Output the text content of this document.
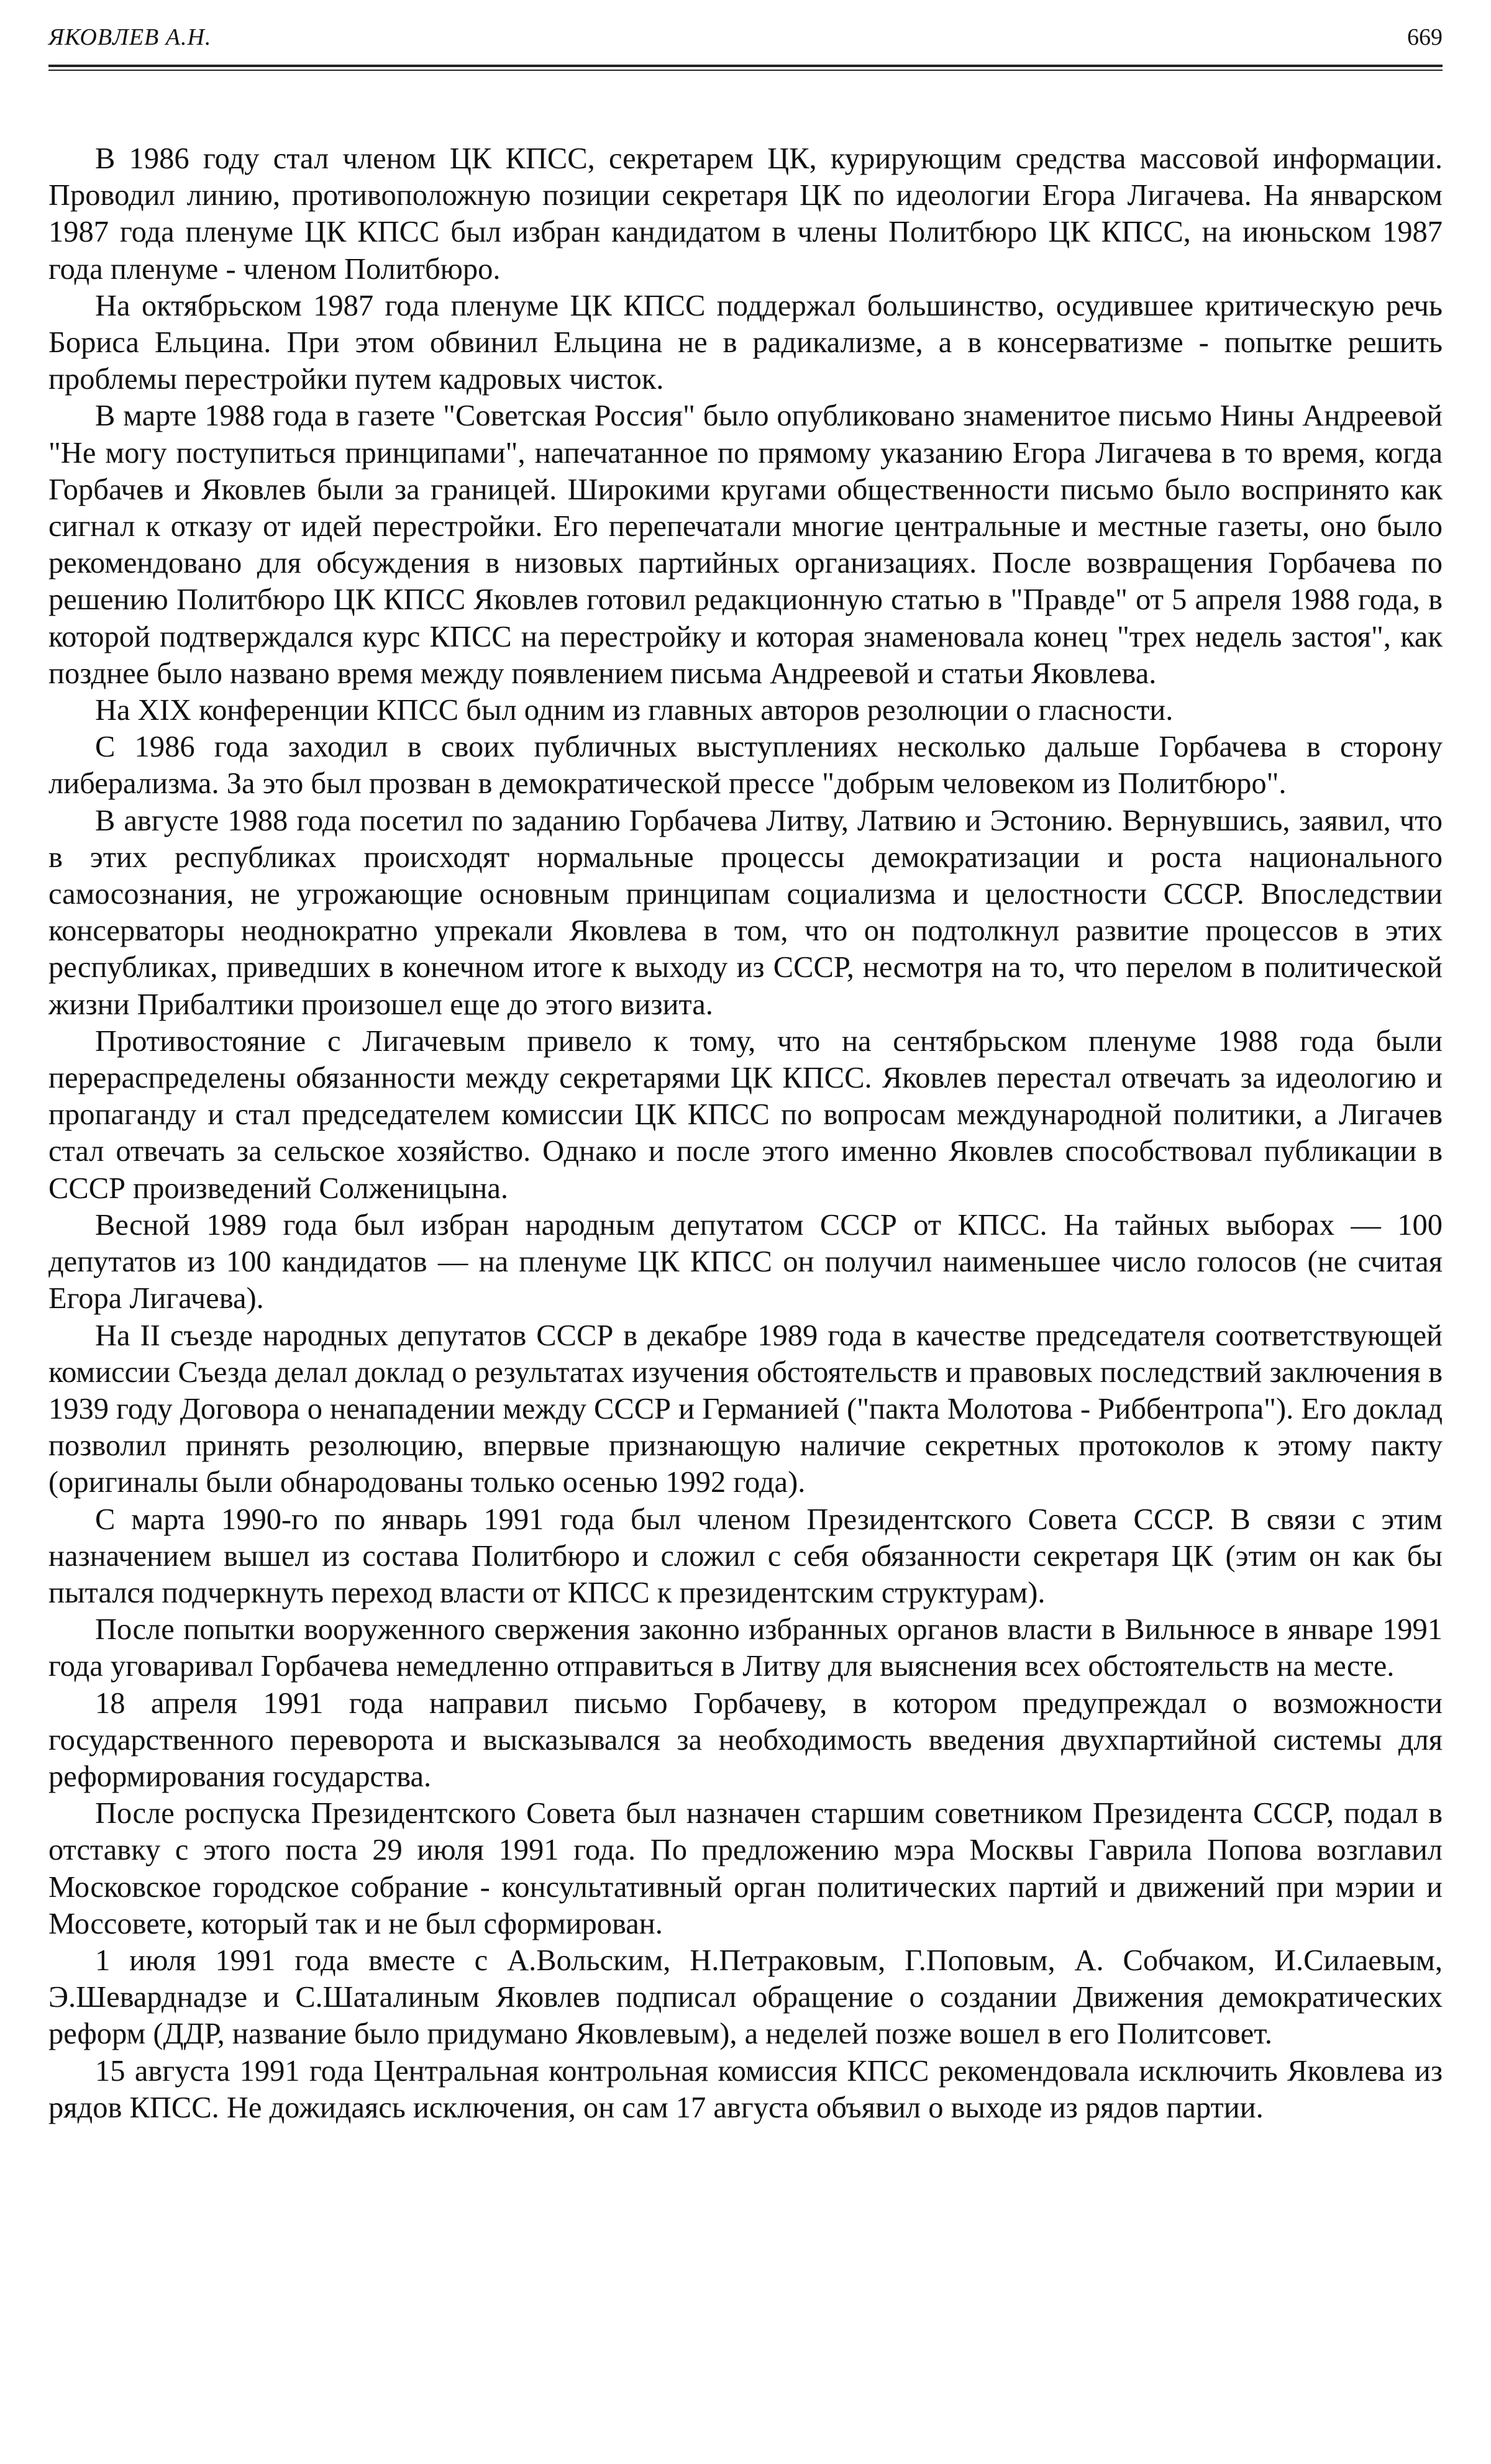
ЯКОВЛЕВ А.Н.	669

В 1986 году стал членом ЦК КПСС, секретарем ЦК, курирующим средства массовой информации. Проводил линию, противоположную позиции секретаря ЦК по идеологии Егора Лигачева. На январском 1987 года пленуме ЦК КПСС был избран кандидатом в члены Политбюро ЦК КПСС, на июньском 1987 года пленуме - членом Политбюро.

На октябрьском 1987 года пленуме ЦК КПСС поддержал большинство, осудившее критическую речь Бориса Ельцина. При этом обвинил Ельцина не в радикализме, а в консерватизме - попытке решить проблемы перестройки путем кадровых чисток.

В марте 1988 года в газете "Советская Россия" было опубликовано знаменитое письмо Нины Андреевой "Не могу поступиться принципами", напечатанное по прямому указанию Егора Лигачева в то время, когда Горбачев и Яковлев были за границей. Широкими кругами общественности письмо было воспринято как сигнал к отказу от идей перестройки. Его перепечатали многие центральные и местные газеты, оно было рекомендовано для обсуждения в низовых партийных организациях. После возвращения Горбачева по решению Политбюро ЦК КПСС Яковлев готовил редакционную статью в "Правде" от 5 апреля 1988 года, в которой подтверждался курс КПСС на перестройку и которая знаменовала конец "трех недель застоя", как позднее было названо время между появлением письма Андреевой и статьи Яковлева.

На XIX конференции КПСС был одним из главных авторов резолюции о гласности.

С 1986 года заходил в своих публичных выступлениях несколько дальше Горбачева в сторону либерализма. За это был прозван в демократической прессе "добрым человеком из Политбюро".

В августе 1988 года посетил по заданию Горбачева Литву, Латвию и Эстонию. Вернувшись, заявил, что в этих республиках происходят нормальные процессы демократизации и роста национального самосознания, не угрожающие основным принципам социализма и целостности СССР. Впоследствии консерваторы неоднократно упрекали Яковлева в том, что он подтолкнул развитие процессов в этих республиках, приведших в конечном итоге к выходу из СССР, несмотря на то, что перелом в политической жизни Прибалтики произошел еще до этого визита.

Противостояние с Лигачевым привело к тому, что на сентябрьском пленуме 1988 года были перераспределены обязанности между секретарями ЦК КПСС. Яковлев перестал отвечать за идеологию и пропаганду и стал председателем комиссии ЦК КПСС по вопросам международной политики, а Лигачев стал отвечать за сельское хозяйство. Однако и после этого именно Яковлев способствовал публикации в СССР произведений Солженицына.

Весной 1989 года был избран народным депутатом СССР от КПСС. На тайных выборах — 100 депутатов из 100 кандидатов — на пленуме ЦК КПСС он получил наименьшее число голосов (не считая Егора Лигачева).

На II съезде народных депутатов СССР в декабре 1989 года в качестве председателя соответствующей комиссии Съезда делал доклад о результатах изучения обстоятельств и правовых последствий заключения в 1939 году Договора о ненападении между СССР и Германией ("пакта Молотова - Риббентропа"). Его доклад позволил принять резолюцию, впервые признающую наличие секретных протоколов к этому пакту (оригиналы были обнародованы только осенью 1992 года).

С марта 1990-го по январь 1991 года был членом Президентского Совета СССР. В связи с этим назначением вышел из состава Политбюро и сложил с себя обязанности секретаря ЦК (этим он как бы пытался подчеркнуть переход власти от КПСС к президентским структурам).

После попытки вооруженного свержения законно избранных органов власти в Вильнюсе в январе 1991 года уговаривал Горбачева немедленно отправиться в Литву для выяснения всех обстоятельств на месте.

18 апреля 1991 года направил письмо Горбачеву, в котором предупреждал о возможности государственного переворота и высказывался за необходимость введения двухпартийной системы для реформирования государства.

После роспуска Президентского Совета был назначен старшим советником Президента СССР, подал в отставку с этого поста 29 июля 1991 года. По предложению мэра Москвы Гаврила Попова возглавил Московское городское собрание - консультативный орган политических партий и движений при мэрии и Моссовете, который так и не был сформирован.

1 июля 1991 года вместе с А.Вольским, Н.Петраковым, Г.Поповым, А. Собчаком, И.Силаевым, Э.Шеварднадзе и С.Шаталиным Яковлев подписал обращение о создании Движения демократических реформ (ДДР, название было придумано Яковлевым), а неделей позже вошел в его Политсовет.

15 августа 1991 года Центральная контрольная комиссия КПСС рекомендовала исключить Яковлева из рядов КПСС. Не дожидаясь исключения, он сам 17 августа объявил о выходе из рядов партии.
